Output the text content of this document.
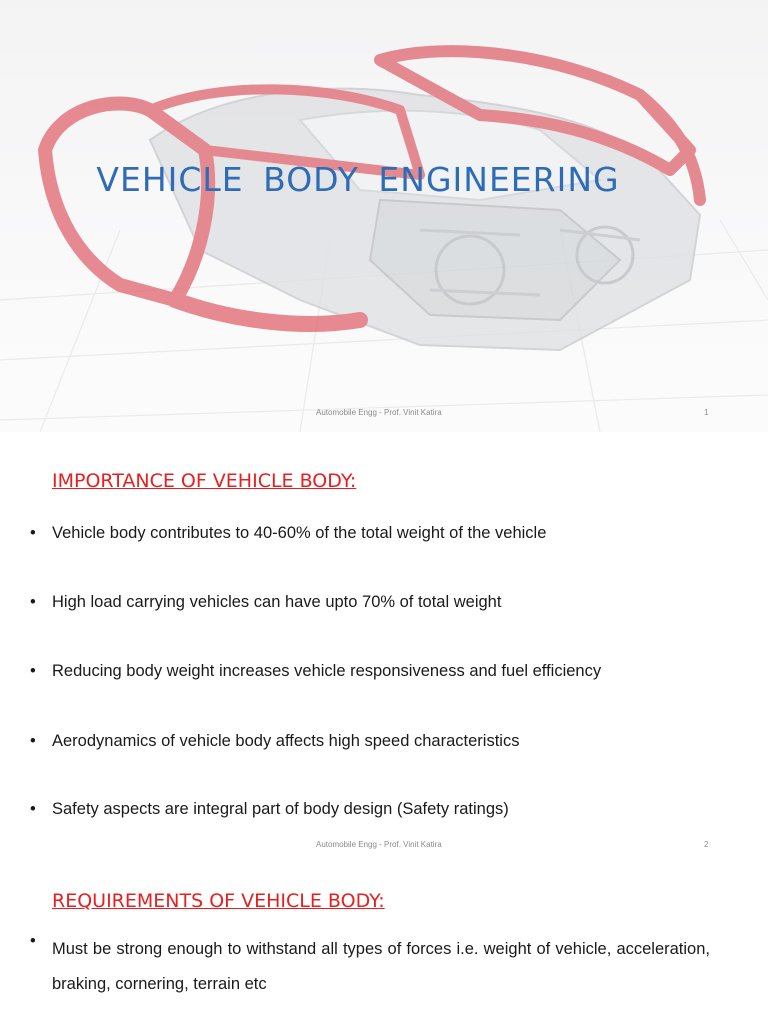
VEHICLE BODY ENGINEERING
Automobile Engg - Prof. Vinit Katira	1
IMPORTANCE OF VEHICLE BODY:
• Vehicle body contributes to 40-60% of the total weight of the vehicle
• High load carrying vehicles can have upto 70% of total weight
• Reducing body weight increases vehicle responsiveness and fuel efficiency
• Aerodynamics of vehicle body affects high speed characteristics
• Safety aspects are integral part of body design (Safety ratings)
Automobile Engg - Prof. Vinit Katira	2
REQUIREMENTS OF VEHICLE BODY:
• Must be strong enough to withstand all types of forces i.e. weight of vehicle, acceleration, braking, cornering, terrain etc
